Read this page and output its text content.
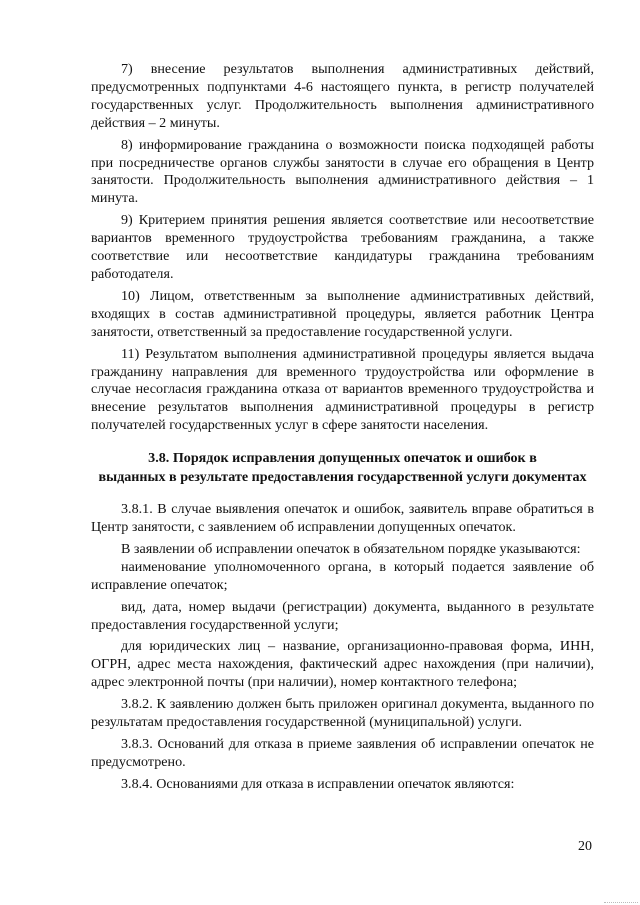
7) внесение результатов выполнения административных действий, предусмотренных подпунктами 4-6 настоящего пункта, в регистр получателей государственных услуг. Продолжительность выполнения административного действия – 2 минуты.

8) информирование гражданина о возможности поиска подходящей работы при посредничестве органов службы занятости в случае его обращения в Центр занятости. Продолжительность выполнения административного действия – 1 минута.

9) Критерием принятия решения является соответствие или несоответствие вариантов временного трудоустройства требованиям гражданина, а также соответствие или несоответствие кандидатуры гражданина требованиям работодателя.

10) Лицом, ответственным за выполнение административных действий, входящих в состав административной процедуры, является работник Центра занятости, ответственный за предоставление государственной услуги.

11) Результатом выполнения административной процедуры является выдача гражданину направления для временного трудоустройства или оформление в случае несогласия гражданина отказа от вариантов временного трудоустройства и внесение результатов выполнения административной процедуры в регистр получателей государственных услуг в сфере занятости населения.

3.8. Порядок исправления допущенных опечаток и ошибок в
выданных в результате предоставления государственной услуги документах

3.8.1. В случае выявления опечаток и ошибок, заявитель вправе обратиться в Центр занятости, с заявлением об исправлении допущенных опечаток.

В заявлении об исправлении опечаток в обязательном порядке указываются:

наименование уполномоченного органа, в который подается заявление об исправление опечаток;

вид, дата, номер выдачи (регистрации) документа, выданного в результате предоставления государственной услуги;

для юридических лиц – название, организационно-правовая форма, ИНН, ОГРН, адрес места нахождения, фактический адрес нахождения (при наличии), адрес электронной почты (при наличии), номер контактного телефона;

3.8.2. К заявлению должен быть приложен оригинал документа, выданного по результатам предоставления государственной (муниципальной) услуги.

3.8.3. Оснований для отказа в приеме заявления об исправлении опечаток не предусмотрено.

3.8.4. Основаниями для отказа в исправлении опечаток являются:

20
